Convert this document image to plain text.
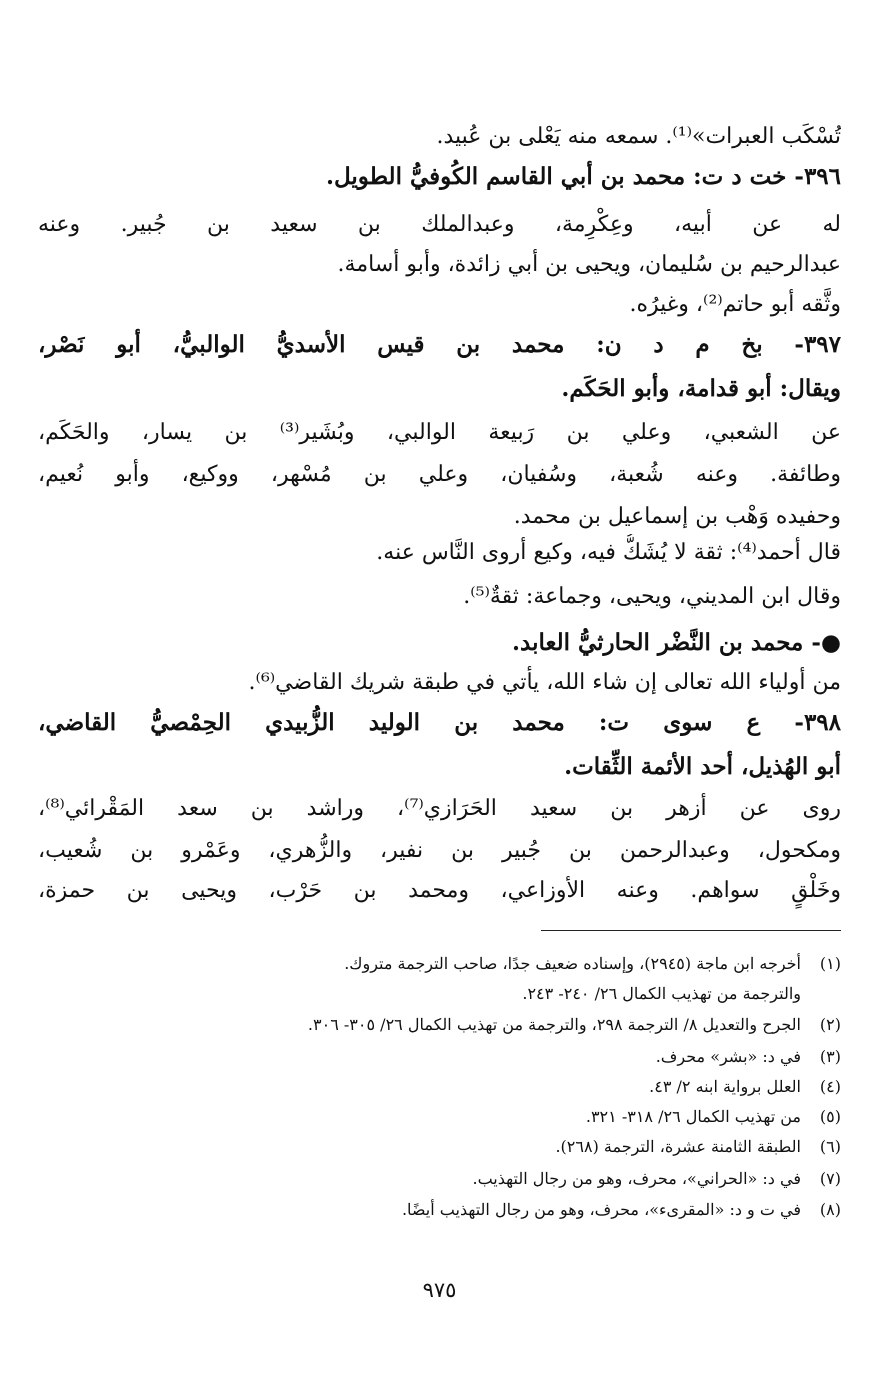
تُسْكَب العبرات»⁽¹⁾. سمعه منه يَعْلى بن عُبيد.

٣٩٦- خت د ت: محمد بن أبي القاسم الكُوفيُّ الطويل.

له عن أبيه، وعِكْرِمة، وعبدالملك بن سعيد بن جُبير. وعنه

عبدالرحيم بن سُليمان، ويحيى بن أبي زائدة، وأبو أسامة.

وثَّقه أبو حاتم⁽²⁾، وغيرُه.

٣٩٧- بخ م د ن: محمد بن قيس الأسديُّ الوالبيُّ، أبو نَصْر،

ويقال: أبو قدامة، وأبو الحَكَم.

عن الشعبي، وعلي بن رَبيعة الوالبي، وبُشَير⁽³⁾ بن يسار، والحَكَم،

وطائفة. وعنه شُعبة، وسُفيان، وعلي بن مُسْهر، ووكيع، وأبو نُعيم،

وحفيده وَهْب بن إسماعيل بن محمد.

قال أحمد⁽⁴⁾: ثقة لا يُشَكُّ فيه، وكيع أروى النَّاس عنه.

وقال ابن المديني، ويحيى، وجماعة: ثقةٌ⁽⁵⁾.

●- محمد بن النَّضْر الحارثيُّ العابد.

من أولياء الله تعالى إن شاء الله، يأتي في طبقة شريك القاضي⁽⁶⁾.

٣٩٨- ع سوى ت: محمد بن الوليد الزُّبيدي الحِمْصيُّ القاضي،

أبو الهُذيل، أحد الأئمة الثِّقات.

روى عن أزهر بن سعيد الحَرَازي⁽⁷⁾، وراشد بن سعد المَقْرائي⁽⁸⁾،

ومكحول، وعبدالرحمن بن جُبير بن نفير، والزُّهري، وعَمْرو بن شُعيب،

وخَلْقٍ سواهم. وعنه الأوزاعي، ومحمد بن حَرْب، ويحيى بن حمزة،

(١)أخرجه ابن ماجة (٢٩٤٥)، وإسناده ضعيف جدًا، صاحب الترجمة متروك.

والترجمة من تهذيب الكمال ٢٦/ ٢٤٠- ٢٤٣.

(٢)الجرح والتعديل ٨/ الترجمة ٢٩٨، والترجمة من تهذيب الكمال ٢٦/ ٣٠٥- ٣٠٦.

(٣)في د: «بشر» محرف.

(٤)العلل برواية ابنه ٢/ ٤٣.

(٥)من تهذيب الكمال ٢٦/ ٣١٨- ٣٢١.

(٦)الطبقة الثامنة عشرة، الترجمة (٢٦٨).

(٧)في د: «الحراني»، محرف، وهو من رجال التهذيب.

(٨)في ت و د: «المقرىء»، محرف، وهو من رجال التهذيب أيضًا.

٩٧٥
